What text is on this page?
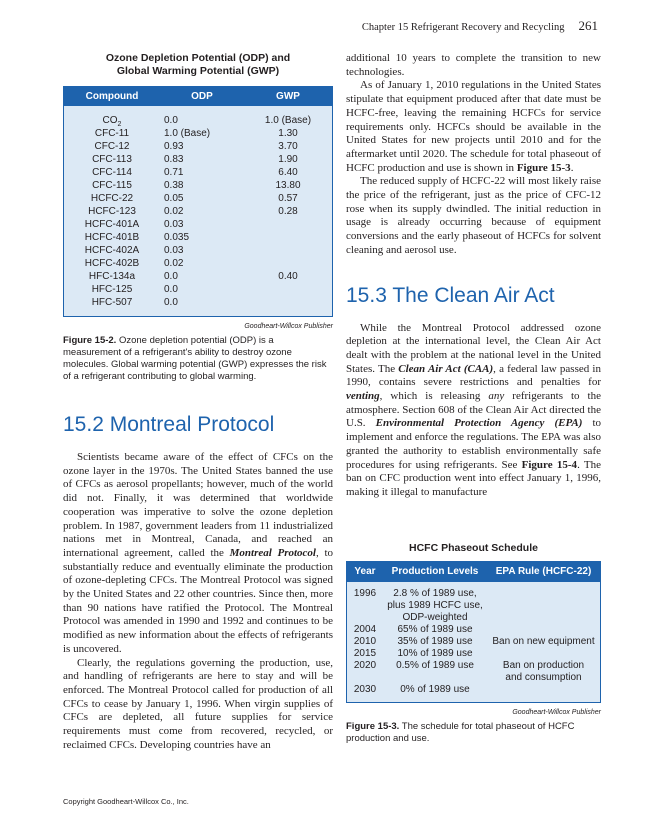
Chapter 15 Refrigerant Recovery and Recycling 261
Ozone Depletion Potential (ODP) and
Global Warming Potential (GWP)
Compound	ODP	GWP
$CO_2$	0.0	1.0 (Base)
CFC-11	1.0 (Base)	1.30
CFC-12	0.93	3.70
CFC-113	0.83	1.90
CFC-114	0.71	6.40
CFC-115	0.38	13.80
HCFC-22	0.05	0.57
HCFC-123	0.02	0.28
HCFC-401A	0.03
HCFC-401B	0.035
HCFC-402A	0.03
HCFC-402B	0.02
HFC-134a	0.0	0.40
HFC-125	0.0
HFC-507	0.0
Goodheart-Willcox Publisher
Figure 15-2. Ozone depletion potential (ODP) is a measurement of a refrigerant's ability to destroy ozone molecules. Global warming potential (GWP) expresses the risk of a refrigerant contributing to global warming.
15.2 Montreal Protocol

Scientists became aware of the effect of CFCs on the ozone layer in the 1970s. The United States banned the use of CFCs as aerosol propellants; however, much of the world did not. Finally, it was determined that worldwide cooperation was imperative to solve the ozone depletion problem. In 1987, government leaders from 11 industrialized nations met in Montreal, Canada, and reached an international agreement, called the Montreal Protocol, to substantially reduce and eventually eliminate the production of ozone-depleting CFCs. The Montreal Protocol was signed by the United States and 22 other countries. Since then, more than 90 nations have ratified the Protocol. The Montreal Protocol was amended in 1990 and 1992 and continues to be modified as new information about the effects of refrigerants is uncovered.

Clearly, the regulations governing the production, use, and handling of refrigerants are here to stay and will be enforced. The Montreal Protocol called for production of all CFCs to cease by January 1, 1996. When virgin supplies of CFCs are depleted, all future supplies for service requirements must come from recovered, recycled, or reclaimed CFCs. Developing countries have an

additional 10 years to complete the transition to new technologies.

As of January 1, 2010 regulations in the United States stipulate that equipment produced after that date must be HCFC-free, leaving the remaining HCFCs for service requirements only. HCFCs should be available in the United States for new projects until 2010 and for the aftermarket until 2020. The schedule for total phaseout of HCFC production and use is shown in Figure 15-3.

The reduced supply of HCFC-22 will most likely raise the price of the refrigerant, just as the price of CFC-12 rose when its supply dwindled. The initial reduction in usage is already occurring because of equipment conversions and the early phaseout of HCFCs for solvent cleaning and aerosol use.

15.3 The Clean Air Act

While the Montreal Protocol addressed ozone depletion at the international level, the Clean Air Act dealt with the problem at the national level in the United States. The Clean Air Act (CAA), a federal law passed in 1990, contains severe restrictions and penalties for venting, which is releasing any refrigerants to the atmosphere. Section 608 of the Clean Air Act directed the U.S. Environmental Protection Agency (EPA) to implement and enforce the regulations. The EPA was also granted the authority to establish environmentally safe procedures for using refrigerants. See Figure 15-4. The ban on CFC production went into effect January 1, 1996, making it illegal to manufacture

HCFC Phaseout Schedule
Year	Production Levels	EPA Rule (HCFC-22)
1996	2.8 % of 1989 use,
plus 1989 HCFC use,
ODP-weighted
2004	65% of 1989 use
2010	35% of 1989 use	Ban on new equipment
2015	10% of 1989 use
2020	0.5% of 1989 use	Ban on production
and consumption
2030	0% of 1989 use
Goodheart-Willcox Publisher
Figure 15-3. The schedule for total phaseout of HCFC production and use.
Copyright Goodheart-Willcox Co., Inc.
